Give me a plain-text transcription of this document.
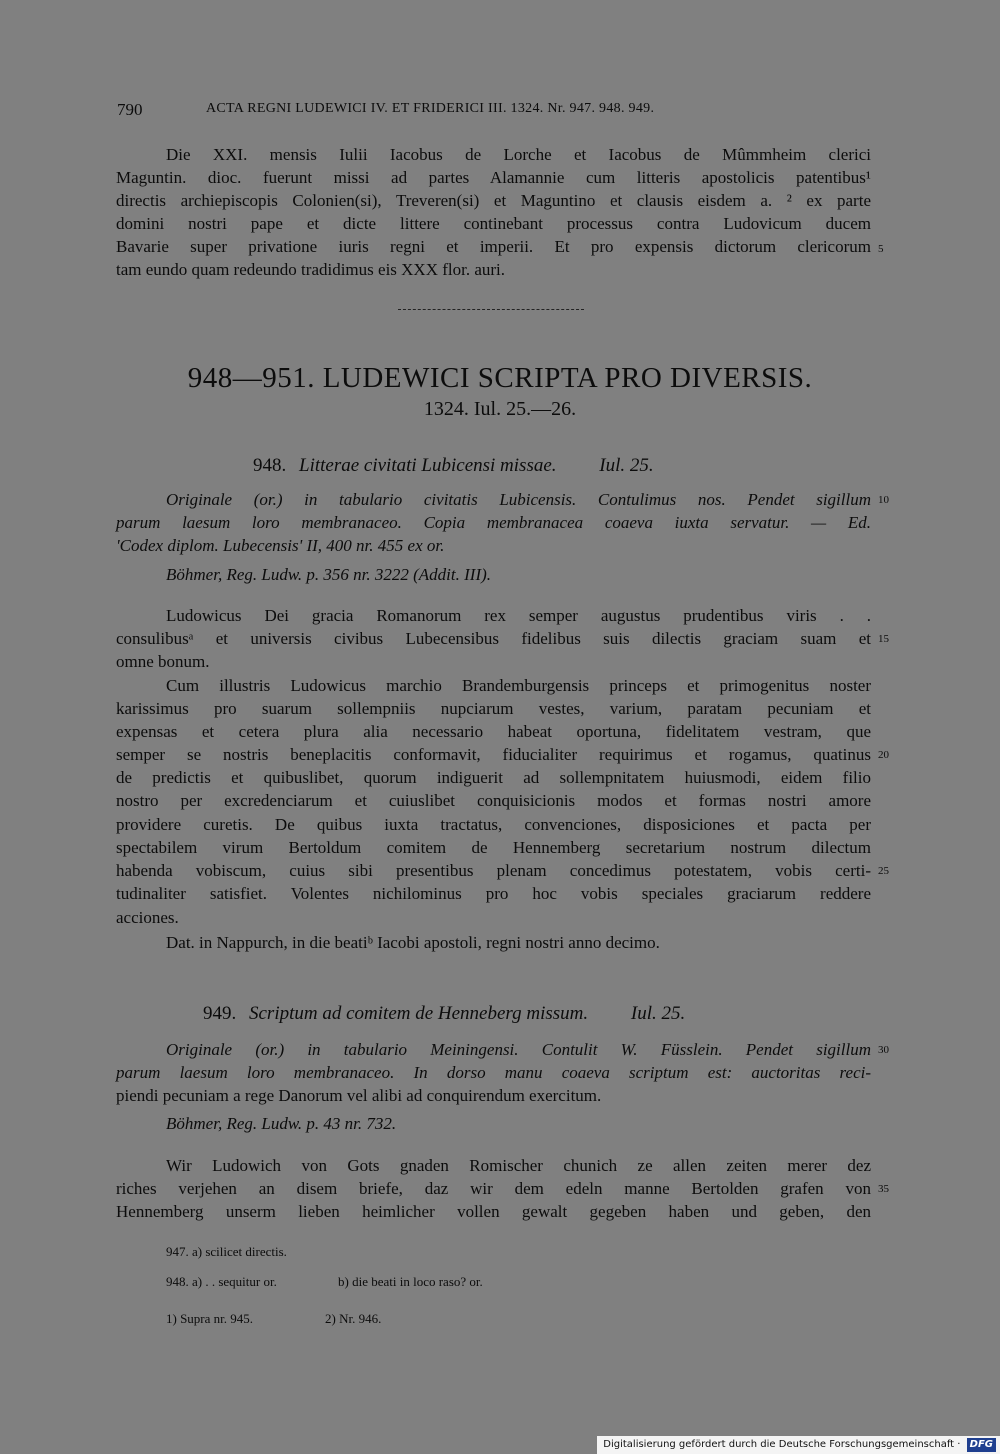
790	ACTA REGNI LUDEWICI IV. ET FRIDERICI III. 1324. Nr. 947. 948. 949.
Die XXI. mensis Iulii Iacobus de Lorche et Iacobus de Mûmmheim clerici
Maguntin. dioc. fuerunt missi ad partes Alamannie cum litteris apostolicis patentibus¹
directis archiepiscopis Colonien(si), Treveren(si) et Maguntino et clausis eisdem a. ² ex parte
domini nostri pape et dicte littere continebant processus contra Ludovicum ducem
Bavarie super privatione iuris regni et imperii. Et pro expensis dictorum clericorum
tam eundo quam redeundo tradidimus eis XXX flor. auri.
948—951. LUDEWICI SCRIPTA PRO DIVERSIS.
1324. Iul. 25.—26.
948. Litterae civitati Lubicensi missae. Iul. 25.
Originale (or.) in tabulario civitatis Lubicensis. Contulimus nos. Pendet sigillum
parum laesum loro membranaceo. Copia membranacea coaeva iuxta servatur. — Ed.
'Codex diplom. Lubecensis' II, 400 nr. 455 ex or.
Böhmer, Reg. Ludw. p. 356 nr. 3222 (Addit. III).
Ludowicus Dei gracia Romanorum rex semper augustus prudentibus viris . .
consulibusᵃ et universis civibus Lubecensibus fidelibus suis dilectis graciam suam et
omne bonum.
Cum illustris Ludowicus marchio Brandemburgensis princeps et primogenitus noster
karissimus pro suarum sollempniis nupciarum vestes, varium, paratam pecuniam et
expensas et cetera plura alia necessario habeat oportuna, fidelitatem vestram, que
semper se nostris beneplacitis conformavit, fiducialiter requirimus et rogamus, quatinus
de predictis et quibuslibet, quorum indiguerit ad sollempnitatem huiusmodi, eidem filio
nostro per excredenciarum et cuiuslibet conquisicionis modos et formas nostri amore
providere curetis. De quibus iuxta tractatus, convenciones, disposiciones et pacta per
spectabilem virum Bertoldum comitem de Hennemberg secretarium nostrum dilectum
habenda vobiscum, cuius sibi presentibus plenam concedimus potestatem, vobis certi-
tudinaliter satisfiet. Volentes nichilominus pro hoc vobis speciales graciarum reddere
acciones.
Dat. in Nappurch, in die beatiᵇ Iacobi apostoli, regni nostri anno decimo.
949. Scriptum ad comitem de Henneberg missum. Iul. 25.
Originale (or.) in tabulario Meiningensi. Contulit W. Füsslein. Pendet sigillum
parum laesum loro membranaceo. In dorso manu coaeva scriptum est: auctoritas reci-
piendi pecuniam a rege Danorum vel alibi ad conquirendum exercitum.
Böhmer, Reg. Ludw. p. 43 nr. 732.
Wir Ludowich von Gots gnaden Romischer chunich ze allen zeiten merer dez
riches verjehen an disem briefe, daz wir dem edeln manne Bertolden grafen von
Hennemberg unserm lieben heimlicher vollen gewalt gegeben haben und geben, den
5
10
15
20
25
30
35
947. a) scilicet directis.
948. a) . . sequitur or.	b) die beati in loco raso? or.
1) Supra nr. 945.	2) Nr. 946.
Digitalisierung gefördert durch die Deutsche Forschungsgemeinschaft · DFG
